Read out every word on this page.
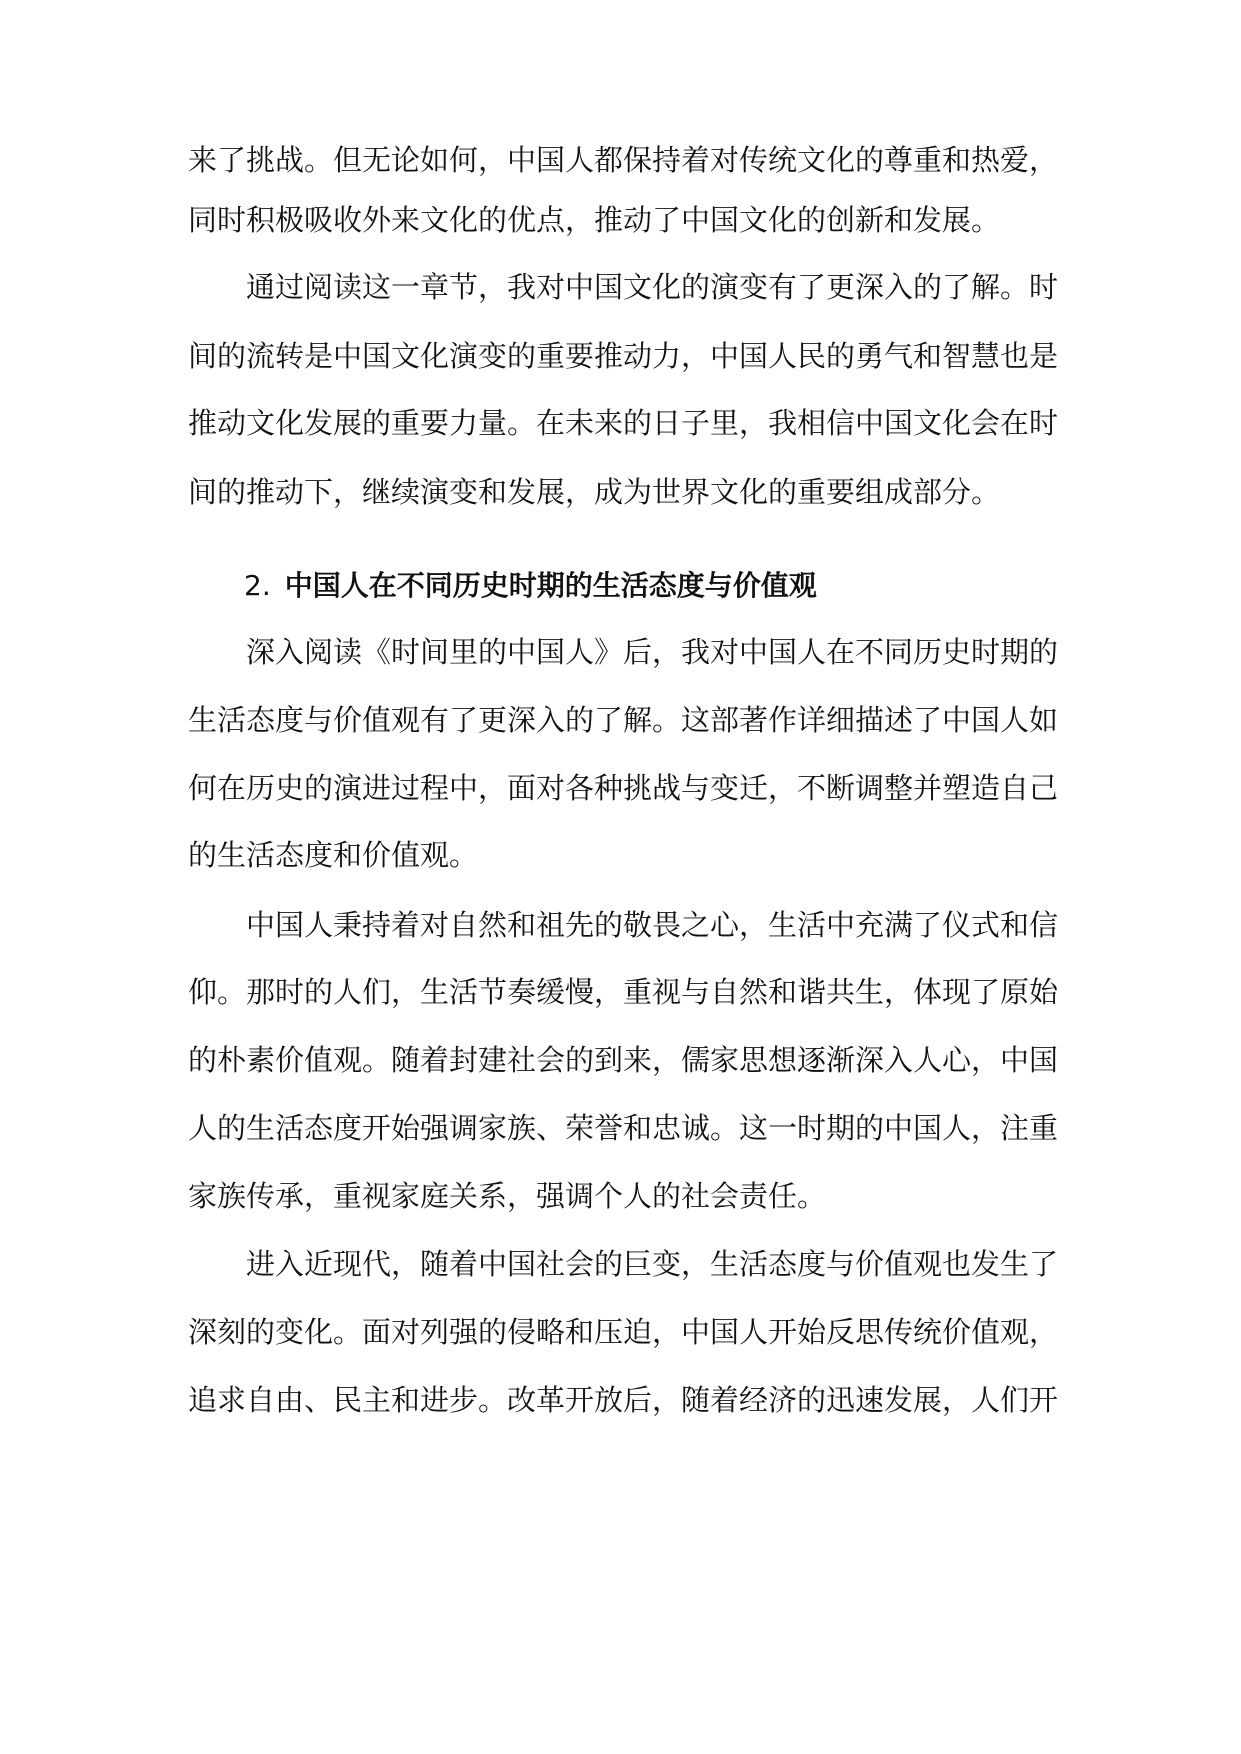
来了挑战。但无论如何，中国人都保持着对传统文化的尊重和热爱，
同时积极吸收外来文化的优点，推动了中国文化的创新和发展。
　　通过阅读这一章节，我对中国文化的演变有了更深入的了解。时
间的流转是中国文化演变的重要推动力，中国人民的勇气和智慧也是
推动文化发展的重要力量。在未来的日子里，我相信中国文化会在时
间的推动下，继续演变和发展，成为世界文化的重要组成部分。
2. 中国人在不同历史时期的生活态度与价值观
　　深入阅读《时间里的中国人》后，我对中国人在不同历史时期的
生活态度与价值观有了更深入的了解。这部著作详细描述了中国人如
何在历史的演进过程中，面对各种挑战与变迁，不断调整并塑造自己
的生活态度和价值观。
　　中国人秉持着对自然和祖先的敬畏之心，生活中充满了仪式和信
仰。那时的人们，生活节奏缓慢，重视与自然和谐共生，体现了原始
的朴素价值观。随着封建社会的到来，儒家思想逐渐深入人心，中国
人的生活态度开始强调家族、荣誉和忠诚。这一时期的中国人，注重
家族传承，重视家庭关系，强调个人的社会责任。
　　进入近现代，随着中国社会的巨变，生活态度与价值观也发生了
深刻的变化。面对列强的侵略和压迫，中国人开始反思传统价值观，
追求自由、民主和进步。改革开放后，随着经济的迅速发展，人们开
